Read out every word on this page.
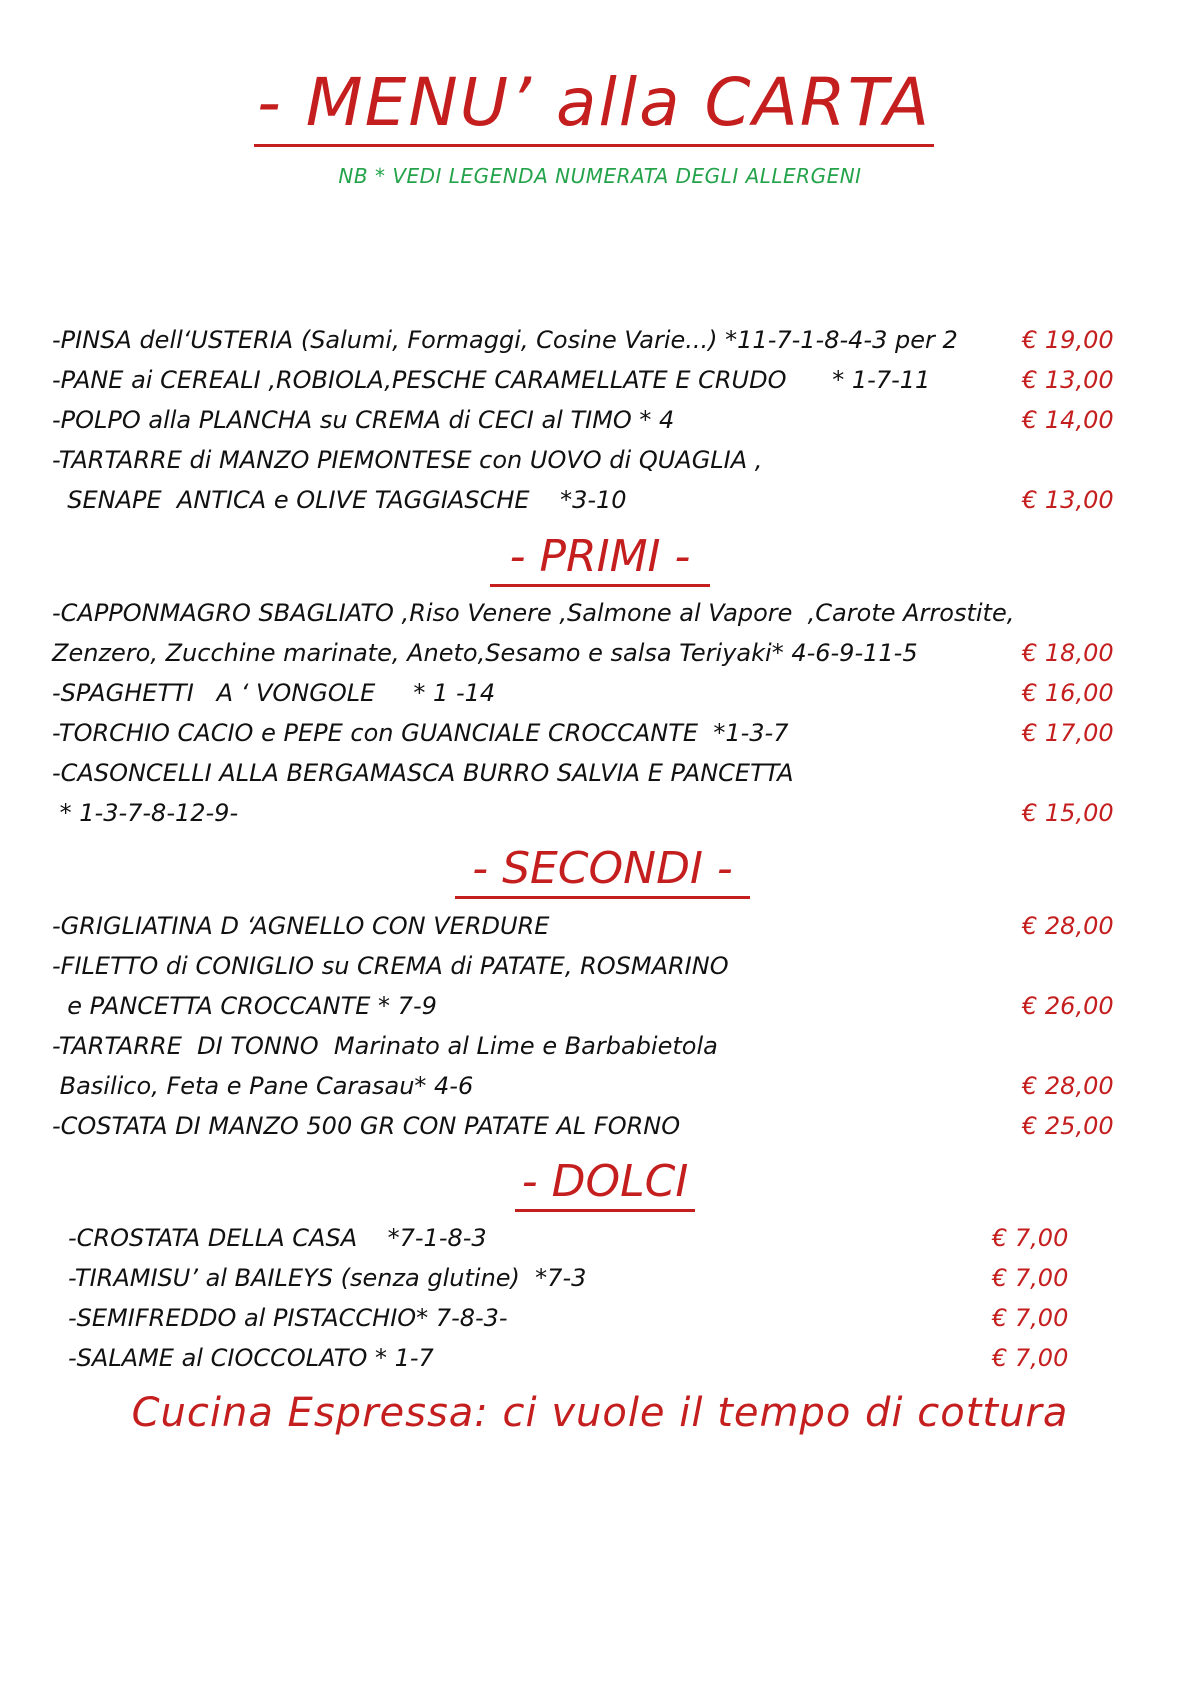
- MENU’ alla CARTA
NB * VEDI LEGENDA NUMERATA DEGLI ALLERGENI
-PINSA dell‘USTERIA (Salumi, Formaggi, Cosine Varie...) *11-7-1-8-4-3 per 2	€ 19,00
-PANE ai CEREALI ,ROBIOLA,PESCHE CARAMELLATE E CRUDO      * 1-7-11	€ 13,00
-POLPO alla PLANCHA su CREMA di CECI al TIMO * 4	€ 14,00
-TARTARRE di MANZO PIEMONTESE con UOVO di QUAGLIA ,
SENAPE  ANTICA e OLIVE TAGGIASCHE    *3-10	€ 13,00
- PRIMI -
-CAPPONMAGRO SBAGLIATO ,Riso Venere ,Salmone al Vapore  ,Carote Arrostite,
Zenzero, Zucchine marinate, Aneto,Sesamo e salsa Teriyaki* 4-6-9-11-5	€ 18,00
-SPAGHETTI   A ‘ VONGOLE     * 1 -14	€ 16,00
-TORCHIO CACIO e PEPE con GUANCIALE CROCCANTE  *1-3-7	€ 17,00
-CASONCELLI ALLA BERGAMASCA BURRO SALVIA E PANCETTA
* 1-3-7-8-12-9-	€ 15,00
- SECONDI -
-GRIGLIATINA D ‘AGNELLO CON VERDURE	€ 28,00
-FILETTO di CONIGLIO su CREMA di PATATE, ROSMARINO
e PANCETTA CROCCANTE * 7-9	€ 26,00
-TARTARRE  DI TONNO  Marinato al Lime e Barbabietola
Basilico, Feta e Pane Carasau* 4-6	€ 28,00
-COSTATA DI MANZO 500 GR CON PATATE AL FORNO	€ 25,00
- DOLCI
-CROSTATA DELLA CASA    *7-1-8-3	€ 7,00
-TIRAMISU’ al BAILEYS (senza glutine)  *7-3	€ 7,00
-SEMIFREDDO al PISTACCHIO* 7-8-3-	€ 7,00
-SALAME al CIOCCOLATO * 1-7	€ 7,00
Cucina Espressa: ci vuole il tempo di cottura
